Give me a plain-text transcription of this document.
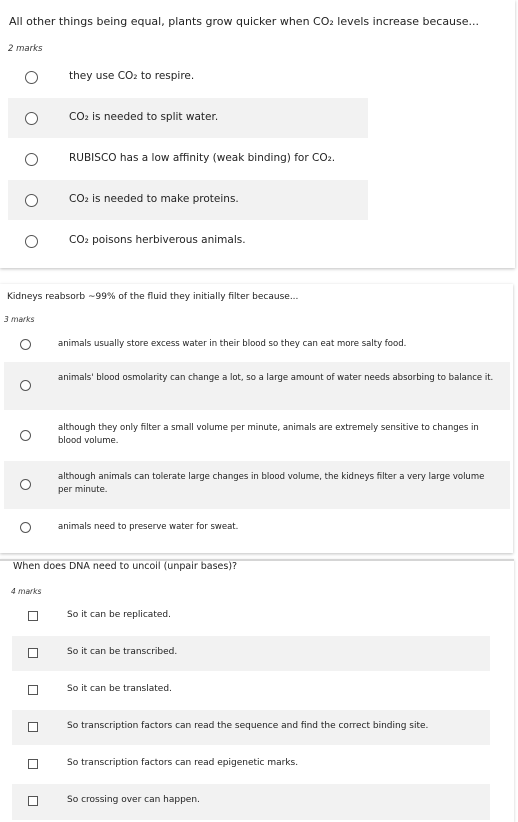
All other things being equal, plants grow quicker when CO₂ levels increase because...
2 marks
they use CO₂ to respire.
CO₂ is needed to split water.
RUBISCO has a low affinity (weak binding) for CO₂.
CO₂ is needed to make proteins.
CO₂ poisons herbiverous animals.
Kidneys reabsorb ~99% of the fluid they initially filter because...
3 marks
animals usually store excess water in their blood so they can eat more salty food.
animals' blood osmolarity can change a lot, so a large amount of water needs absorbing to balance it.
although they only filter a small volume per minute, animals are extremely sensitive to changes in blood volume.
although animals can tolerate large changes in blood volume, the kidneys filter a very large volume per minute.
animals need to preserve water for sweat.
When does DNA need to uncoil (unpair bases)?
4 marks
So it can be replicated.
So it can be transcribed.
So it can be translated.
So transcription factors can read the sequence and find the correct binding site.
So transcription factors can read epigenetic marks.
So crossing over can happen.
